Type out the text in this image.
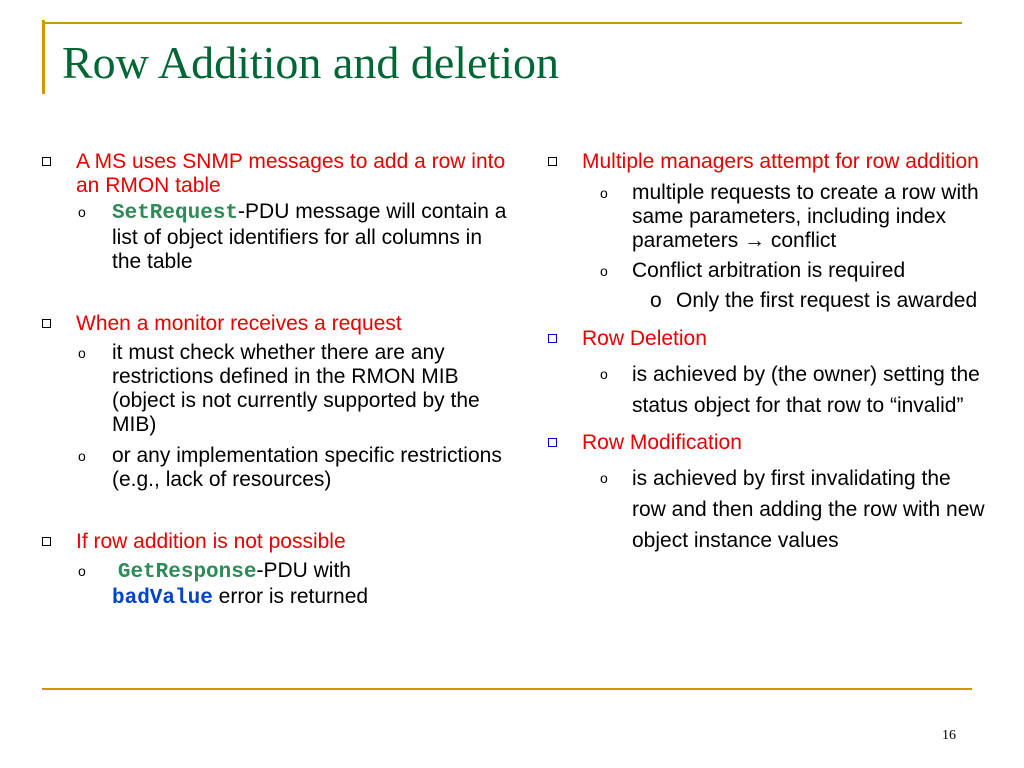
Row Addition and deletion
A MS uses SNMP messages to add a row into an RMON table
o SetRequest-PDU message will contain a list of object identifiers for all columns in the table
When a monitor receives a request
o it must check whether there are any restrictions defined in the RMON MIB (object is not currently supported by the MIB)
o or any implementation specific restrictions (e.g., lack of resources)
If row addition is not possible
o GetResponse-PDU with
badValue error is returned
Multiple managers attempt for row addition
o multiple requests to create a row with same parameters, including index parameters → conflict
o Conflict arbitration is required
o Only the first request is awarded
Row Deletion
o is achieved by (the owner) setting the status object for that row to “invalid”
Row Modification
o is achieved by first invalidating the row and then adding the row with new object instance values
16
